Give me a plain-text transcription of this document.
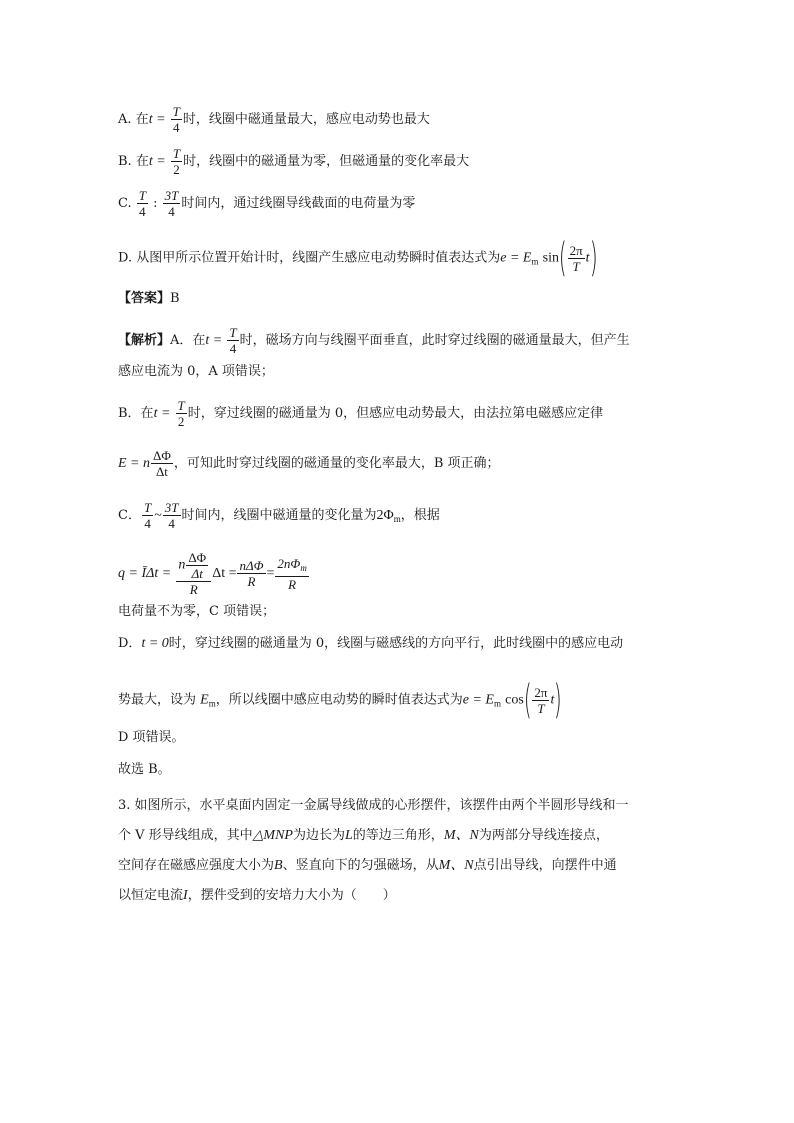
A. 在$t = \frac{T}{4}$ 时，线圈中磁通量最大，感应电动势也最大
B. 在$t = \frac{T}{2}$ 时，线圈中的磁通量为零，但磁通量的变化率最大
C. $\frac{T}{4}$ : $\frac{3T}{4}$ 时间内，通过线圈导线截面的电荷量为零
D. 从图甲所示位置开始计时，线圈产生感应电动势瞬时值表达式为$e = E_m$ $\sin( \frac{2\pi}{T} t)$
【答案】B
【解析】A．在$t = \frac{T}{4}$ 时，磁场方向与线圈平面垂直，此时穿过线圈的磁通量最大，但产生
感应电流为 0，A 项错误；
B．在$t = \frac{T}{2}$ 时，穿过线圈的磁通量为 0，但感应电动势最大，由法拉第电磁感应定律
E = n $\frac{\Delta\Phi}{\Delta t}$ ，可知此时穿过线圈的磁通量的变化率最大，B 项正确；
C． $\frac{T}{4}$ ~ $\frac{3T}{4}$ 时间内，线圈中磁通量的变化量为$2\Phi_m$，根据
q = ĪΔt = $\frac{n \frac{\Delta\Phi}{\Delta t}}{R}$ $\Delta t = \frac{\text{nΔΦ}}{R} = \frac{2n\Phi_m}{R}$
电荷量不为零，C 项错误；
D．t = 0时，穿过线圈的磁通量为 0，线圈与磁感线的方向平行，此时线圈中的感应电动
势最大，设为 $E_m$，所以线圈中感应电动势的瞬时值表达式为$e = E_m$ $\cos( \frac{2\pi}{T} t)$
D 项错误。
故选 B。
3. 如图所示，水平桌面内固定一金属导线做成的心形摆件，该摆件由两个半圆形导线和一
个 V 形导线组成，其中△MNP为边长为L的等边三角形，M、N为两部分导线连接点，
空间存在磁感应强度大小为B、竖直向下的匀强磁场，从M、N点引出导线，向摆件中通
以恒定电流I，摆件受到的安培力大小为（　　）
